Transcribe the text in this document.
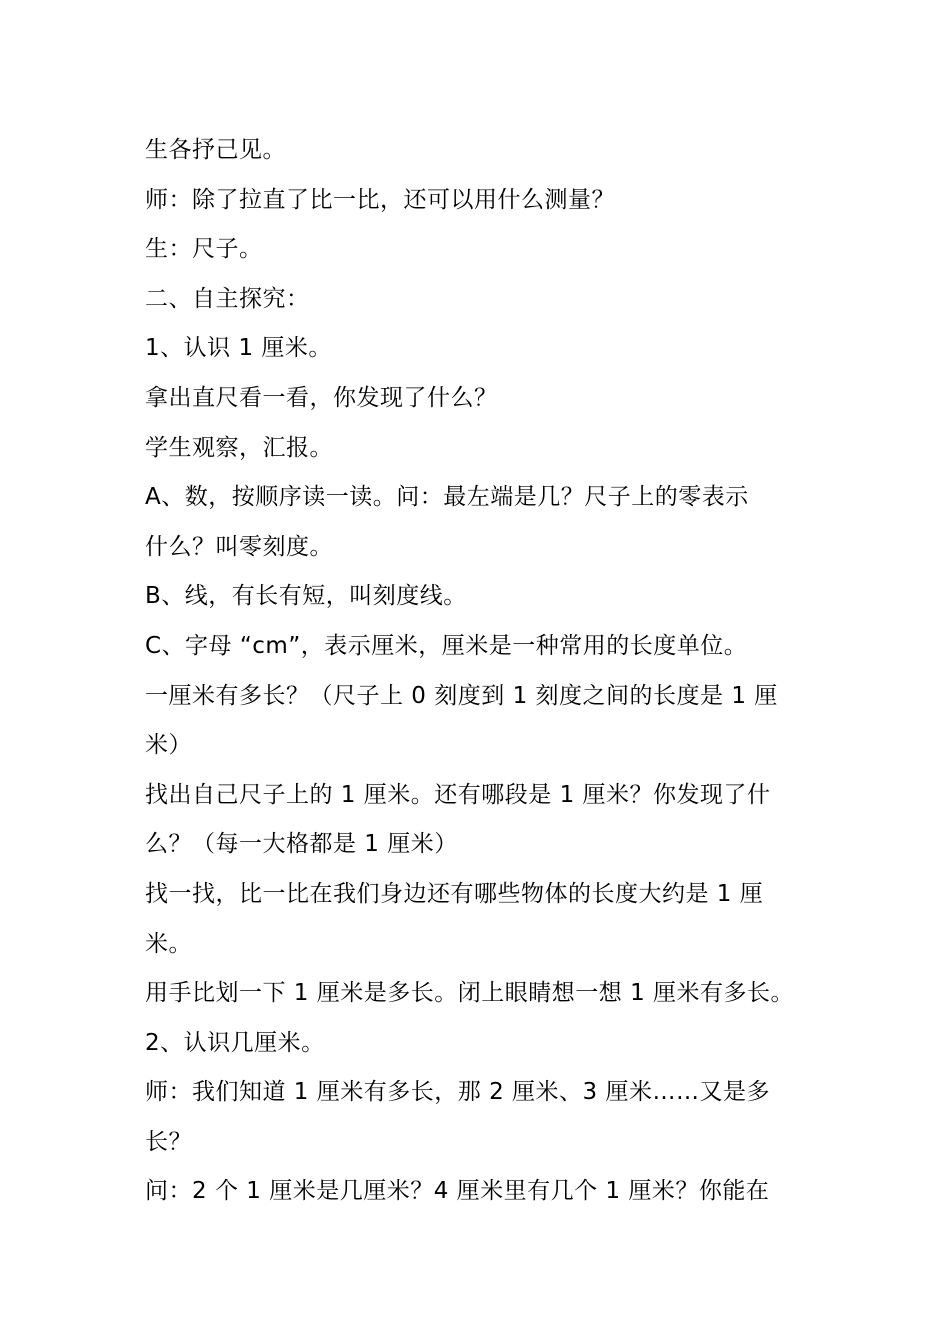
生各抒己见。
师：除了拉直了比一比，还可以用什么测量？
生：尺子。
二、自主探究：
1、认识 1 厘米。
拿出直尺看一看，你发现了什么？
学生观察，汇报。
A、数，按顺序读一读。问：最左端是几？尺子上的零表示
什么？叫零刻度。
B、线，有长有短，叫刻度线。
C、字母 “cm”，表示厘米，厘米是一种常用的长度单位。
一厘米有多长？（尺子上 0 刻度到 1 刻度之间的长度是 1 厘
米）
找出自己尺子上的 1 厘米。还有哪段是 1 厘米？你发现了什
么？（每一大格都是 1 厘米）
找一找，比一比在我们身边还有哪些物体的长度大约是 1 厘
米。
用手比划一下 1 厘米是多长。闭上眼睛想一想 1 厘米有多长。
2、认识几厘米。
师：我们知道 1 厘米有多长，那 2 厘米、3 厘米……又是多
长？
问：2 个 1 厘米是几厘米？4 厘米里有几个 1 厘米？你能在
